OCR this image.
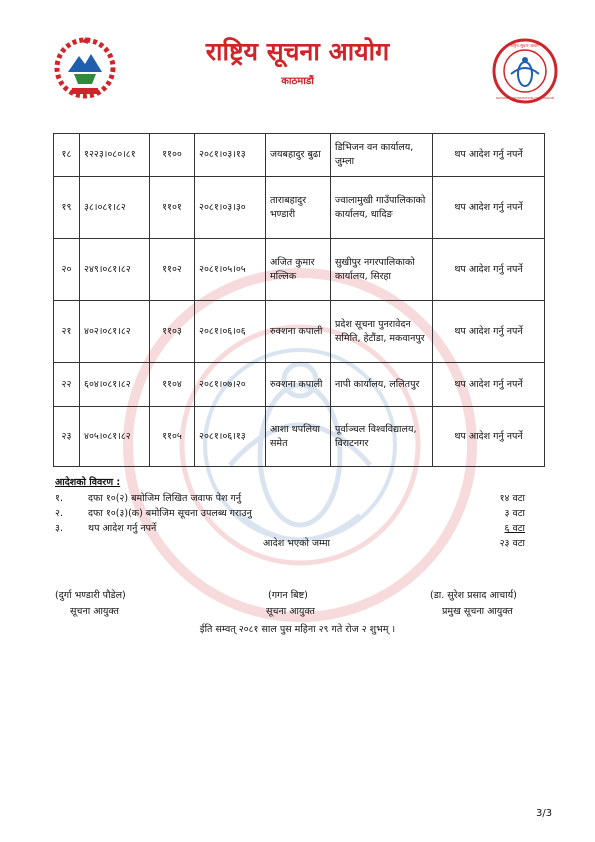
राष्ट्रिय सूचना आयोग
काठमाडौं
राष्ट्रिय सूचना आयोग
NATIONAL INFORMATION COMMISSION
१८	१२२३।०८०।८१	११००	२०८१।०३।१३	जयबहादुर बुढा	डिभिजन वन कार्यालय, जुम्ला	थप आदेश गर्नु नपर्ने
१९	३८।०८१।८२	११०१	२०८१।०३।३०	ताराबहादुर भण्डारी	ज्वालामुखी गाउँपालिकाको कार्यालय, धादिङ	थप आदेश गर्नु नपर्ने
२०	२४९।०८१।८२	११०२	२०८१।०५।०५	अजित कुमार मल्लिक	सुखीपुर नगरपालिकाको कार्यालय, सिरहा	थप आदेश गर्नु नपर्ने
२१	४०२।०८१।८२	११०३	२०८१।०६।०६	रुक्शना कपाली	प्रदेश सूचना पुनरावेदन समिति, हेटौंडा, मकवानपुर	थप आदेश गर्नु नपर्ने
२२	६०४।०८१।८२	११०४	२०८१।०७।२०	रुक्शना कपाली	नापी कार्यालय, ललितपुर	थप आदेश गर्नु नपर्ने
२३	४०५।०८१।८२	११०५	२०८१।०६।१३	आशा थपलिया समेत	पूर्वाञ्चल विश्वविद्यालय, विराटनगर	थप आदेश गर्नु नपर्ने
आदेशको विवरण :
१.	दफा १०(२) बमोजिम लिखित जवाफ पेश गर्नु	१४ वटा
२.	दफा १०(३)(क) बमोजिम सूचना उपलब्ध गराउनु	३ वटा
३.	थप आदेश गर्नु नपर्ने	६ वटा
आदेश भएको जम्मा	२३ वटा
(दुर्गा भण्डारी पौडेल)
सूचना आयुक्त
(गगन बिष्ट)
सूचना आयुक्त
(डा. सुरेश प्रसाद आचार्य)
प्रमुख सूचना आयुक्त
ईति सम्वत् २०८१ साल पुस महिना २९ गते रोज २ शुभम् ।
3/3
